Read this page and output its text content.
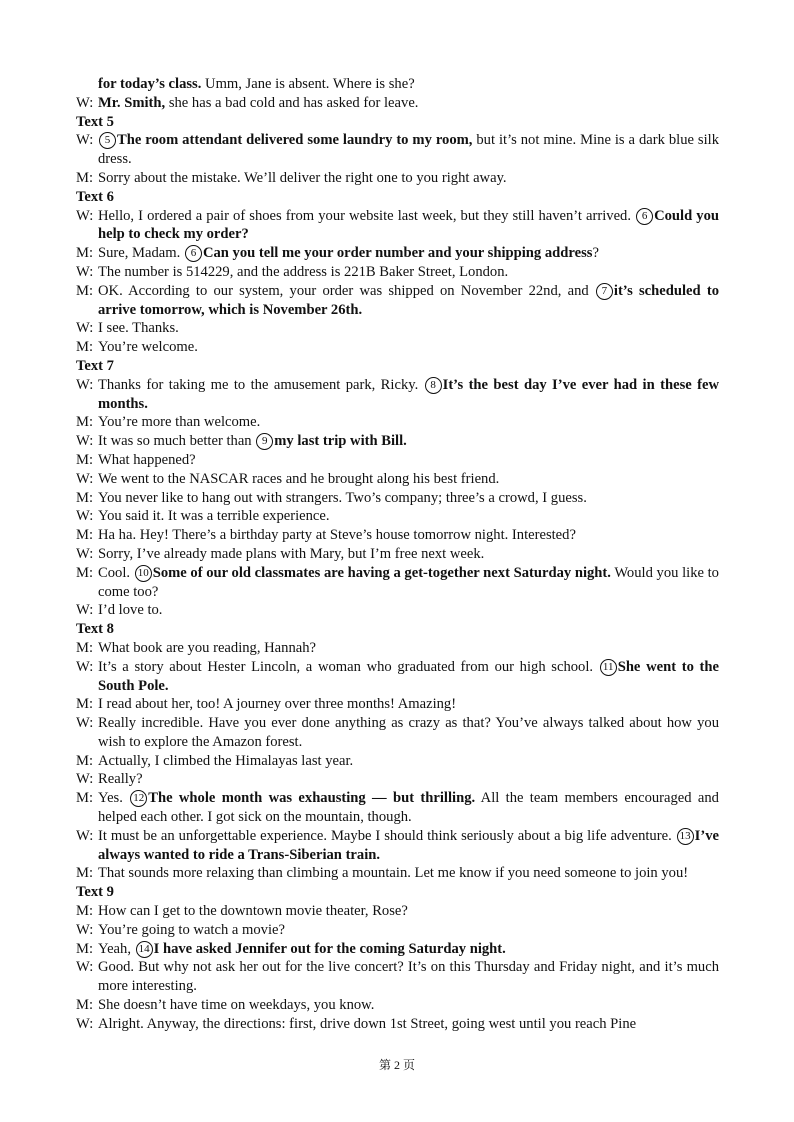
for today’s class. Umm, Jane is absent. Where is she?
W: Mr. Smith, she has a bad cold and has asked for leave.
Text 5
W: 5 The room attendant delivered some laundry to my room, but it’s not mine. Mine is a dark blue silk dress.
M: Sorry about the mistake. We’ll deliver the right one to you right away.
Text 6
W: Hello, I ordered a pair of shoes from your website last week, but they still haven’t arrived. 6 Could you help to check my order?
M: Sure, Madam. 6 Can you tell me your order number and your shipping address?
W: The number is 514229, and the address is 221B Baker Street, London.
M: OK. According to our system, your order was shipped on November 22nd, and 7 it’s scheduled to arrive tomorrow, which is November 26th.
W: I see. Thanks.
M: You’re welcome.
Text 7
W: Thanks for taking me to the amusement park, Ricky. 8 It’s the best day I’ve ever had in these few months.
M: You’re more than welcome.
W: It was so much better than 9 my last trip with Bill.
M: What happened?
W: We went to the NASCAR races and he brought along his best friend.
M: You never like to hang out with strangers. Two’s company; three’s a crowd, I guess.
W: You said it. It was a terrible experience.
M: Ha ha. Hey! There’s a birthday party at Steve’s house tomorrow night. Interested?
W: Sorry, I’ve already made plans with Mary, but I’m free next week.
M: Cool. 10 Some of our old classmates are having a get-together next Saturday night. Would you like to come too?
W: I’d love to.
Text 8
M: What book are you reading, Hannah?
W: It’s a story about Hester Lincoln, a woman who graduated from our high school. 11 She went to the South Pole.
M: I read about her, too! A journey over three months! Amazing!
W: Really incredible. Have you ever done anything as crazy as that? You’ve always talked about how you wish to explore the Amazon forest.
M: Actually, I climbed the Himalayas last year.
W: Really?
M: Yes. 12 The whole month was exhausting — but thrilling. All the team members encouraged and helped each other. I got sick on the mountain, though.
W: It must be an unforgettable experience. Maybe I should think seriously about a big life adventure. 13 I’ve always wanted to ride a Trans-Siberian train.
M: That sounds more relaxing than climbing a mountain. Let me know if you need someone to join you!
Text 9
M: How can I get to the downtown movie theater, Rose?
W: You’re going to watch a movie?
M: Yeah, 14 I have asked Jennifer out for the coming Saturday night.
W: Good. But why not ask her out for the live concert? It’s on this Thursday and Friday night, and it’s much more interesting.
M: She doesn’t have time on weekdays, you know.
W: Alright. Anyway, the directions: first, drive down 1st Street, going west until you reach Pine
第 2 页
